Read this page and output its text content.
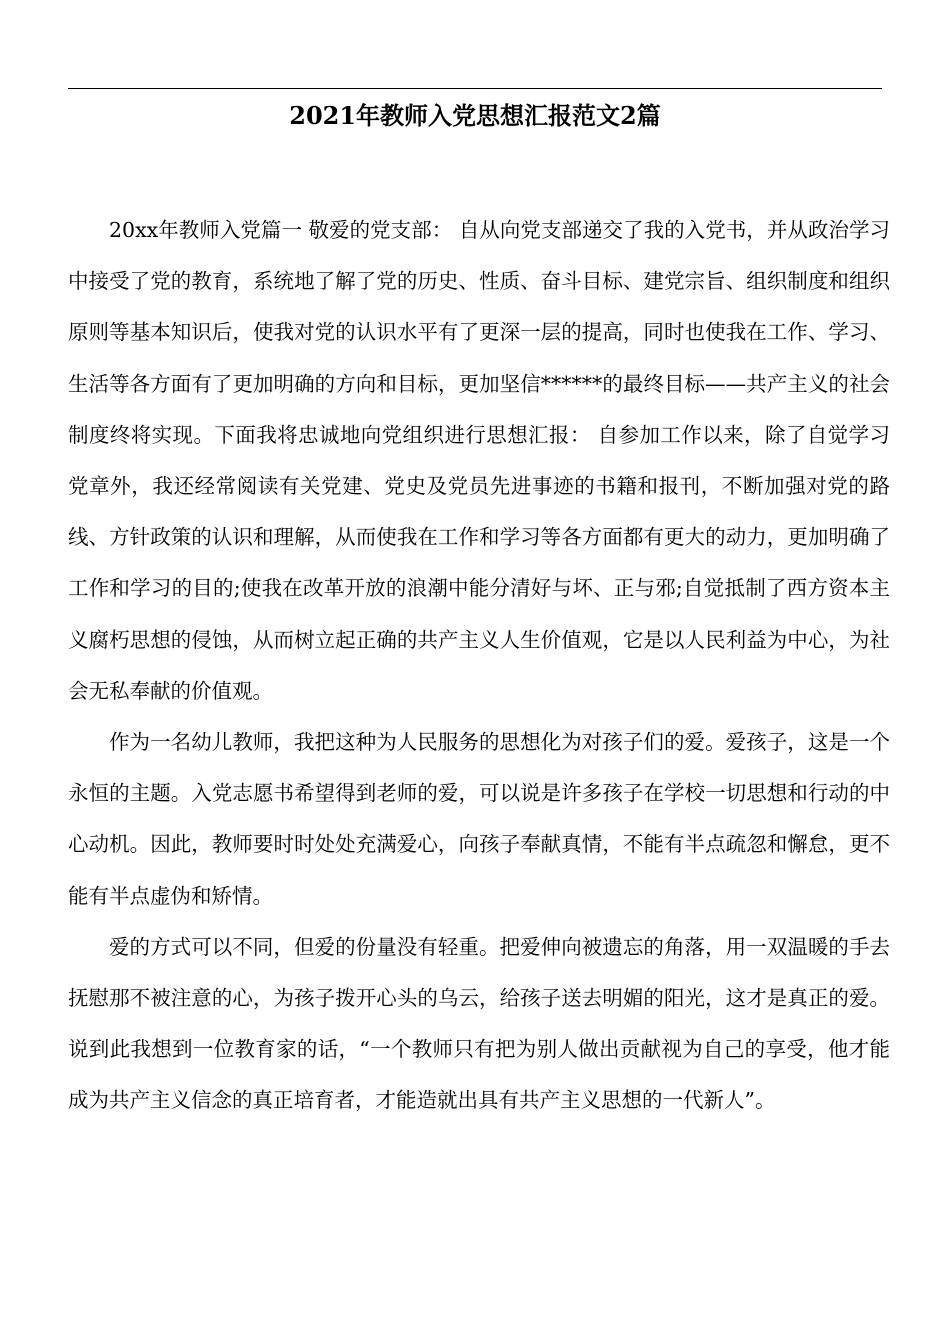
2021年教师入党思想汇报范文2篇

20xx年教师入党篇一 敬爱的党支部： 自从向党支部递交了我的入党书，并从政治学习中接受了党的教育，系统地了解了党的历史、性质、奋斗目标、建党宗旨、组织制度和组织原则等基本知识后，使我对党的认识水平有了更深一层的提高，同时也使我在工作、学习、生活等各方面有了更加明确的方向和目标，更加坚信******的最终目标——共产主义的社会制度终将实现。下面我将忠诚地向党组织进行思想汇报： 自参加工作以来，除了自觉学习党章外，我还经常阅读有关党建、党史及党员先进事迹的书籍和报刊，不断加强对党的路线、方针政策的认识和理解，从而使我在工作和学习等各方面都有更大的动力，更加明确了工作和学习的目的;使我在改革开放的浪潮中能分清好与坏、正与邪;自觉抵制了西方资本主义腐朽思想的侵蚀，从而树立起正确的共产主义人生价值观，它是以人民利益为中心，为社会无私奉献的价值观。

作为一名幼儿教师，我把这种为人民服务的思想化为对孩子们的爱。爱孩子，这是一个永恒的主题。入党志愿书希望得到老师的爱，可以说是许多孩子在学校一切思想和行动的中心动机。因此，教师要时时处处充满爱心，向孩子奉献真情，不能有半点疏忽和懈怠，更不能有半点虚伪和矫情。

爱的方式可以不同，但爱的份量没有轻重。把爱伸向被遗忘的角落，用一双温暖的手去抚慰那不被注意的心，为孩子拨开心头的乌云，给孩子送去明媚的阳光，这才是真正的爱。说到此我想到一位教育家的话，“一个教师只有把为别人做出贡献视为自己的享受，他才能成为共产主义信念的真正培育者，才能造就出具有共产主义思想的一代新人”。
